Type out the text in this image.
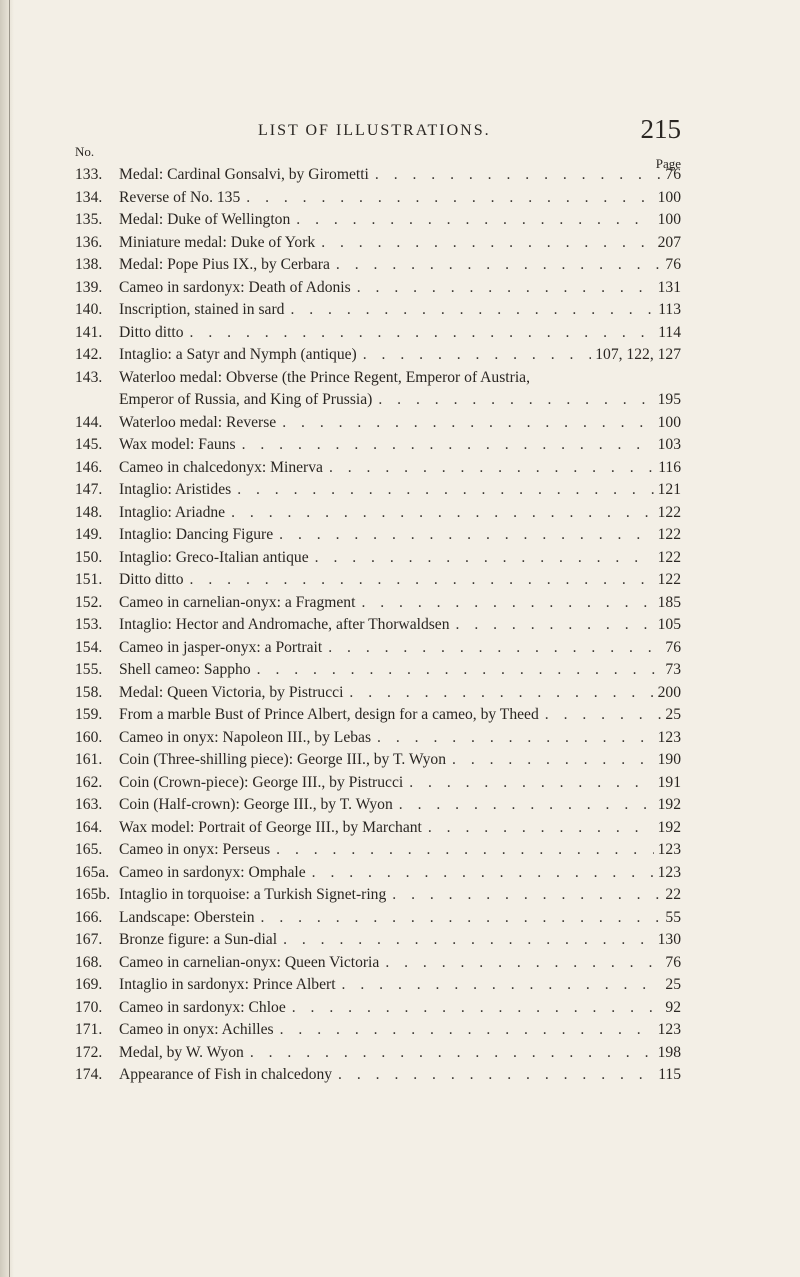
LIST OF ILLUSTRATIONS.	215
No.
Page
133.	Medal: Cardinal Gonsalvi, by Girometti . . .	76
134.	Reverse of No. 135 . . .	100
135.	Medal: Duke of Wellington . . .	100
136.	Miniature medal: Duke of York . . .	207
138.	Medal: Pope Pius IX., by Cerbara . . .	76
139.	Cameo in sardonyx: Death of Adonis . . .	131
140.	Inscription, stained in sard . . .	113
141.	Ditto ditto . . .	114
142.	Intaglio: a Satyr and Nymph (antique) . . .	107, 122, 127
143.	Waterloo medal: Obverse (the Prince Regent, Emperor of Austria,
Emperor of Russia, and King of Prussia) . . .	195
144.	Waterloo medal: Reverse . . .	100
145.	Wax model: Fauns . . .	103
146.	Cameo in chalcedonyx: Minerva . . .	116
147.	Intaglio: Aristides . . .	121
148.	Intaglio: Ariadne . . .	122
149.	Intaglio: Dancing Figure . . .	122
150.	Intaglio: Greco-Italian antique . . .	122
151.	Ditto ditto . . .	122
152.	Cameo in carnelian-onyx: a Fragment . . .	185
153.	Intaglio: Hector and Andromache, after Thorwaldsen . . .	105
154.	Cameo in jasper-onyx: a Portrait . . .	76
155.	Shell cameo: Sappho . . .	73
158.	Medal: Queen Victoria, by Pistrucci . . .	200
159.	From a marble Bust of Prince Albert, design for a cameo, by Theed . . .	25
160.	Cameo in onyx: Napoleon III., by Lebas . . .	123
161.	Coin (Three-shilling piece): George III., by T. Wyon . . .	190
162.	Coin (Crown-piece): George III., by Pistrucci . . .	191
163.	Coin (Half-crown): George III., by T. Wyon . . .	192
164.	Wax model: Portrait of George III., by Marchant . . .	192
165.	Cameo in onyx: Perseus . . .	123
165a. Cameo in sardonyx: Omphale . . .	123
165b. Intaglio in torquoise: a Turkish Signet-ring . . .	22
166.	Landscape: Oberstein . . .	55
167.	Bronze figure: a Sun-dial . . .	130
168.	Cameo in carnelian-onyx: Queen Victoria . . .	76
169.	Intaglio in sardonyx: Prince Albert . . .	25
170.	Cameo in sardonyx: Chloe . . .	92
171.	Cameo in onyx: Achilles . . .	123
172.	Medal, by W. Wyon . . .	198
174.	Appearance of Fish in chalcedony . . .	115
